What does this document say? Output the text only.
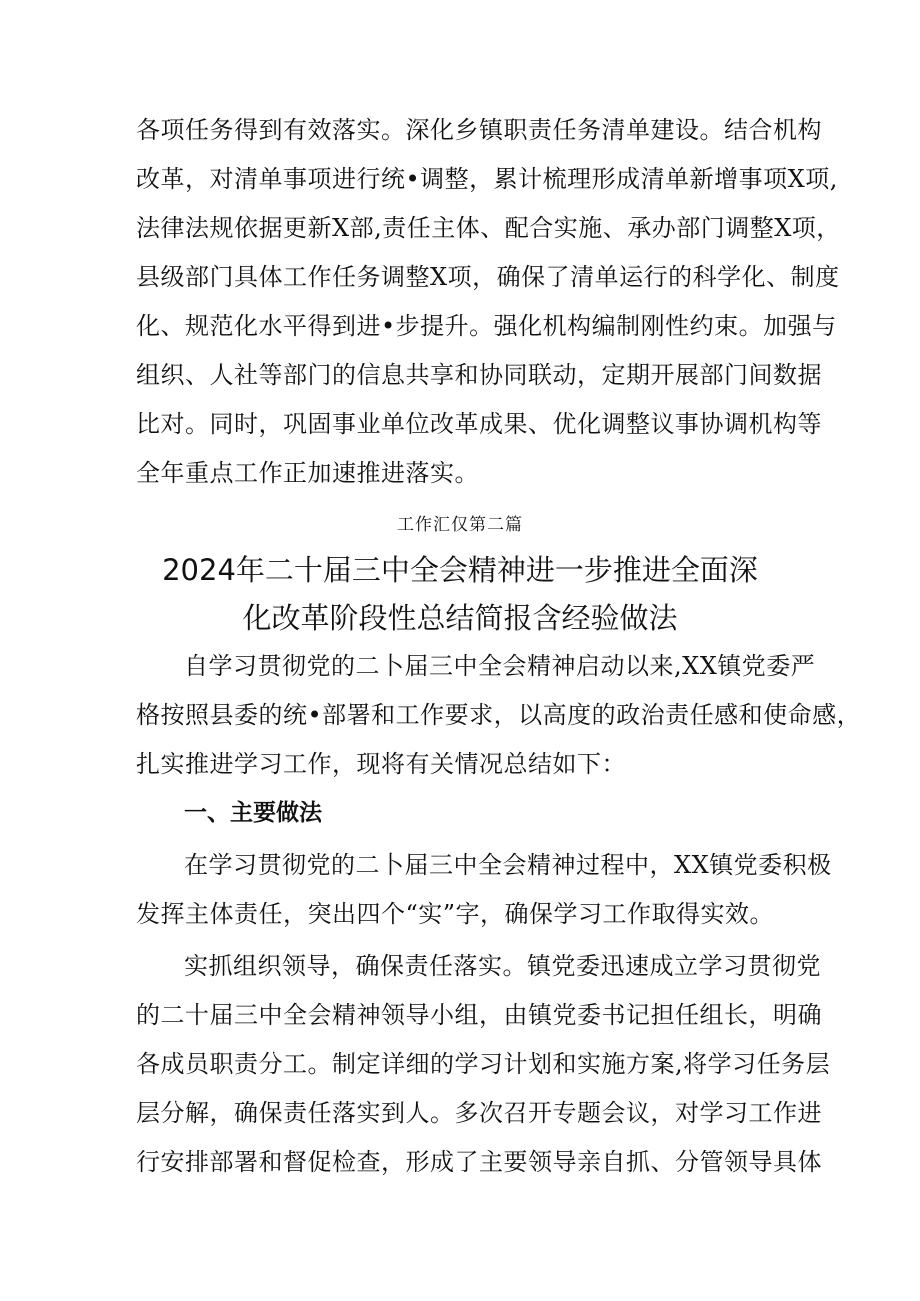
各项任务得到有效落实。深化乡镇职责任务清单建设。结合机构
改革，对清单事项进行统•调整，累计梳理形成清单新增事项X项,
法律法规依据更新X部,责任主体、配合实施、承办部门调整X项，
县级部门具体工作任务调整X项，确保了清单运行的科学化、制度
化、规范化水平得到进•步提升。强化机构编制刚性约束。加强与
组织、人社等部门的信息共享和协同联动，定期开展部门间数据
比对。同时，巩固事业单位改革成果、优化调整议事协调机构等
全年重点工作正加速推进落实。
工作汇仅第二篇
2024年二十届三中全会精神进一步推进全面深
化改革阶段性总结简报含经验做法
自学习贯彻党的二卜届三中全会精神启动以来,XX镇党委严
格按照县委的统•部署和工作要求，以高度的政治责任感和使命感，
扎实推进学习工作，现将有关情况总结如下：
一、主要做法
在学习贯彻党的二卜届三中全会精神过程中，XX镇党委积极
发挥主体责任，突出四个“实”字，确保学习工作取得实效。
实抓组织领导，确保责任落实。镇党委迅速成立学习贯彻党
的二十届三中全会精神领导小组，由镇党委书记担任组长，明确
各成员职责分工。制定详细的学习计划和实施方案,将学习任务层
层分解，确保责任落实到人。多次召开专题会议，对学习工作进
行安排部署和督促检查，形成了主要领导亲自抓、分管领导具体
